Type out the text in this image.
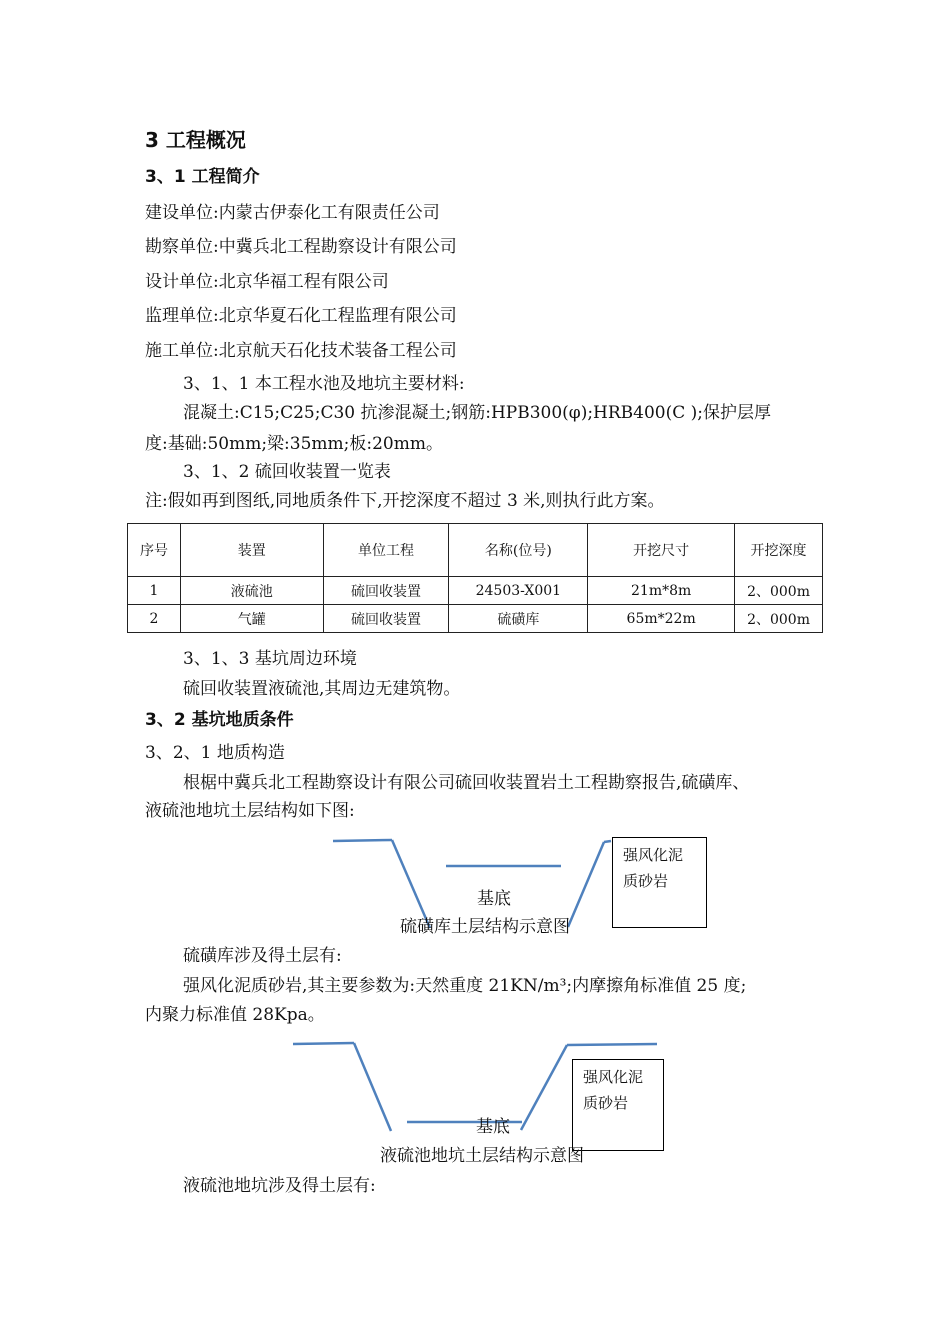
3 工程概况
3、1 工程简介
建设单位:内蒙古伊泰化工有限责任公司
勘察单位:中冀兵北工程勘察设计有限公司
设计单位:北京华福工程有限公司
监理单位:北京华夏石化工程监理有限公司
施工单位:北京航天石化技术装备工程公司
3、1、1 本工程水池及地坑主要材料:
混凝土:C15;C25;C30 抗渗混凝土;钢筋:HPB300(φ);HRB400(C );保护层厚
度:基础:50mm;梁:35mm;板:20mm。
3、1、2 硫回收装置一览表
注:假如再到图纸,同地质条件下,开挖深度不超过 3 米,则执行此方案。
序号	装置	单位工程	名称(位号)	开挖尺寸	开挖深度
1	液硫池	硫回收装置	24503-X001	21m*8m	2、000m
2	气罐	硫回收装置	硫磺库	65m*22m	2、000m
3、1、3 基坑周边环境
硫回收装置液硫池,其周边无建筑物。
3、2 基坑地质条件
3、2、1 地质构造
根椐中冀兵北工程勘察设计有限公司硫回收装置岩土工程勘察报告,硫磺库、
液硫池地坑土层结构如下图:
强风化泥
质砂岩
基底
硫磺库土层结构示意图
硫磺库涉及得土层有:
强风化泥质砂岩,其主要参数为:天然重度 21KN/m³;内摩擦角标准值 25 度;
内聚力标准值 28Kpa。
强风化泥
质砂岩
基底
液硫池地坑土层结构示意图
液硫池地坑涉及得土层有:
